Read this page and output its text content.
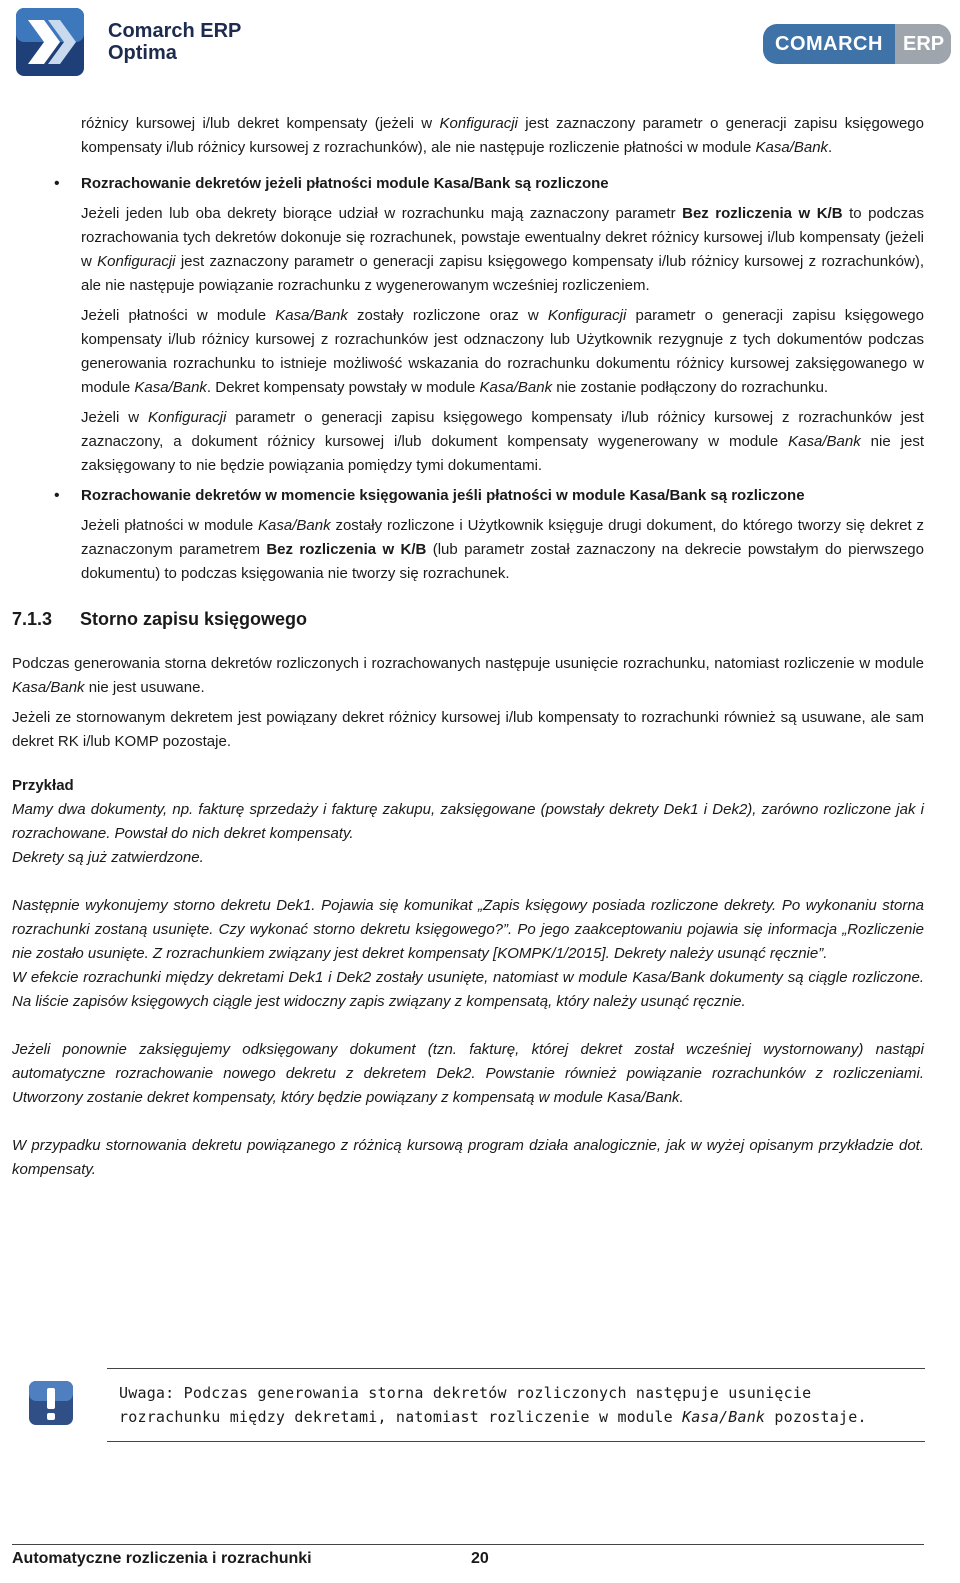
Comarch ERP
Optima	COMARCH ERP

różnicy kursowej i/lub dekret kompensaty (jeżeli w Konfiguracji jest zaznaczony parametr o generacji zapisu księgowego kompensaty i/lub różnicy kursowej z rozrachunków), ale nie następuje rozliczenie płatności w module Kasa/Bank.

• Rozrachowanie dekretów jeżeli płatności module Kasa/Bank są rozliczone

Jeżeli jeden lub oba dekrety biorące udział w rozrachunku mają zaznaczony parametr Bez rozliczenia w K/B to podczas rozrachowania tych dekretów dokonuje się rozrachunek, powstaje ewentualny dekret różnicy kursowej i/lub kompensaty (jeżeli w Konfiguracji jest zaznaczony parametr o generacji zapisu księgowego kompensaty i/lub różnicy kursowej z rozrachunków), ale nie następuje powiązanie rozrachunku z wygenerowanym wcześniej rozliczeniem.

Jeżeli płatności w module Kasa/Bank zostały rozliczone oraz w Konfiguracji parametr o generacji zapisu księgowego kompensaty i/lub różnicy kursowej z rozrachunków jest odznaczony lub Użytkownik rezygnuje z tych dokumentów podczas generowania rozrachunku to istnieje możliwość wskazania do rozrachunku dokumentu różnicy kursowej zaksięgowanego w module Kasa/Bank. Dekret kompensaty powstały w module Kasa/Bank nie zostanie podłączony do rozrachunku.

Jeżeli w Konfiguracji parametr o generacji zapisu księgowego kompensaty i/lub różnicy kursowej z rozrachunków jest zaznaczony, a dokument różnicy kursowej i/lub dokument kompensaty wygenerowany w module Kasa/Bank nie jest zaksięgowany to nie będzie powiązania pomiędzy tymi dokumentami.

• Rozrachowanie dekretów w momencie księgowania jeśli płatności w module Kasa/Bank są rozliczone

Jeżeli płatności w module Kasa/Bank zostały rozliczone i Użytkownik księguje drugi dokument, do którego tworzy się dekret z zaznaczonym parametrem Bez rozliczenia w K/B (lub parametr został zaznaczony na dekrecie powstałym do pierwszego dokumentu) to podczas księgowania nie tworzy się rozrachunek.

7.1.3 Storno zapisu księgowego

Podczas generowania storna dekretów rozliczonych i rozrachowanych następuje usunięcie rozrachunku, natomiast rozliczenie w module Kasa/Bank nie jest usuwane.

Jeżeli ze stornowanym dekretem jest powiązany dekret różnicy kursowej i/lub kompensaty to rozrachunki również są usuwane, ale sam dekret RK i/lub KOMP pozostaje.

Przykład

Mamy dwa dokumenty, np. fakturę sprzedaży i fakturę zakupu, zaksięgowane (powstały dekrety Dek1 i Dek2), zarówno rozliczone jak i rozrachowane. Powstał do nich dekret kompensaty.

Dekrety są już zatwierdzone.

Następnie wykonujemy storno dekretu Dek1. Pojawia się komunikat „Zapis księgowy posiada rozliczone dekrety. Po wykonaniu storna rozrachunki zostaną usunięte. Czy wykonać storno dekretu księgowego?”. Po jego zaakceptowaniu pojawia się informacja „Rozliczenie nie zostało usunięte. Z rozrachunkiem związany jest dekret kompensaty [KOMPK/1/2015]. Dekrety należy usunąć ręcznie”.

W efekcie rozrachunki między dekretami Dek1 i Dek2 zostały usunięte, natomiast w module Kasa/Bank dokumenty są ciągle rozliczone. Na liście zapisów księgowych ciągle jest widoczny zapis związany z kompensatą, który należy usunąć ręcznie.

Jeżeli ponownie zaksięgujemy odksięgowany dokument (tzn. fakturę, której dekret został wcześniej wystornowany) nastąpi automatyczne rozrachowanie nowego dekretu z dekretem Dek2. Powstanie również powiązanie rozrachunków z rozliczeniami. Utworzony zostanie dekret kompensaty, który będzie powiązany z kompensatą w module Kasa/Bank.

W przypadku stornowania dekretu powiązanego z różnicą kursową program działa analogicznie, jak w wyżej opisanym przykładzie dot. kompensaty.

Uwaga: Podczas generowania storna dekretów rozliczonych następuje usunięcie rozrachunku między dekretami, natomiast rozliczenie w module Kasa/Bank pozostaje.
Automatyczne rozliczenia i rozrachunki	20
